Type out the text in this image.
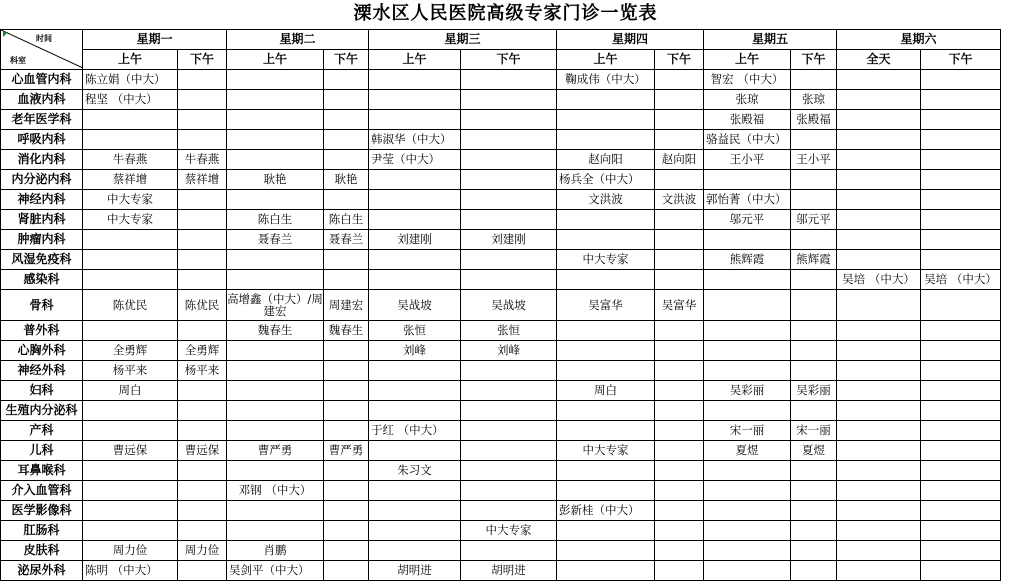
溧水区人民医院高级专家门诊一览表
时间
科室	星期一		星期二		星期三		星期四		星期五		星期六	
	上午	下午	上午	下午	上午	下午	上午	下午	上午	下午	全天	下午
心血管内科	陈立娟（中大）						鞠成伟（中大）		智宏 （中大）			
血液内科	程坚 （中大）								张琼	张琼		
老年医学科									张殿福	张殿福		
呼吸内科					韩淑华（中大）				骆益民（中大）			
消化内科	牛春燕	牛春燕			尹莹（中大）		赵向阳	赵向阳	王小平	王小平		
内分泌内科	蔡祥增	蔡祥增	耿艳	耿艳			杨兵全（中大）					
神经内科	中大专家						文洪波	文洪波	郭怡菁（中大）			
肾脏内科	中大专家		陈白生	陈白生					邬元平	邬元平		
肿瘤内科			聂春兰	聂春兰	刘建刚	刘建刚						
风湿免疫科							中大专家		熊辉霞	熊辉霞		
感染科											吴培 （中大）	吴培 （中大）
骨科	陈优民	陈优民	高增鑫（中大）/周建宏	周建宏	吴战坡	吴战坡	吴富华	吴富华				
普外科			魏春生	魏春生	张恒	张恒						
心胸外科	全勇辉	全勇辉			刘峰	刘峰						
神经外科	杨平来	杨平来										
妇科	周白						周白		吴彩丽	吴彩丽		
生殖内分泌科												
产科					于红 （中大）				宋一丽	宋一丽		
儿科	曹远保	曹远保	曹严勇	曹严勇			中大专家		夏煜	夏煜		
耳鼻喉科					朱习文							
介入血管科			邓钢 （中大）									
医学影像科							彭新桂（中大）					
肛肠科						中大专家						
皮肤科	周力俭	周力俭	肖鹏									
泌尿外科	陈明 （中大）		吴剑平（中大）		胡明进	胡明进						
